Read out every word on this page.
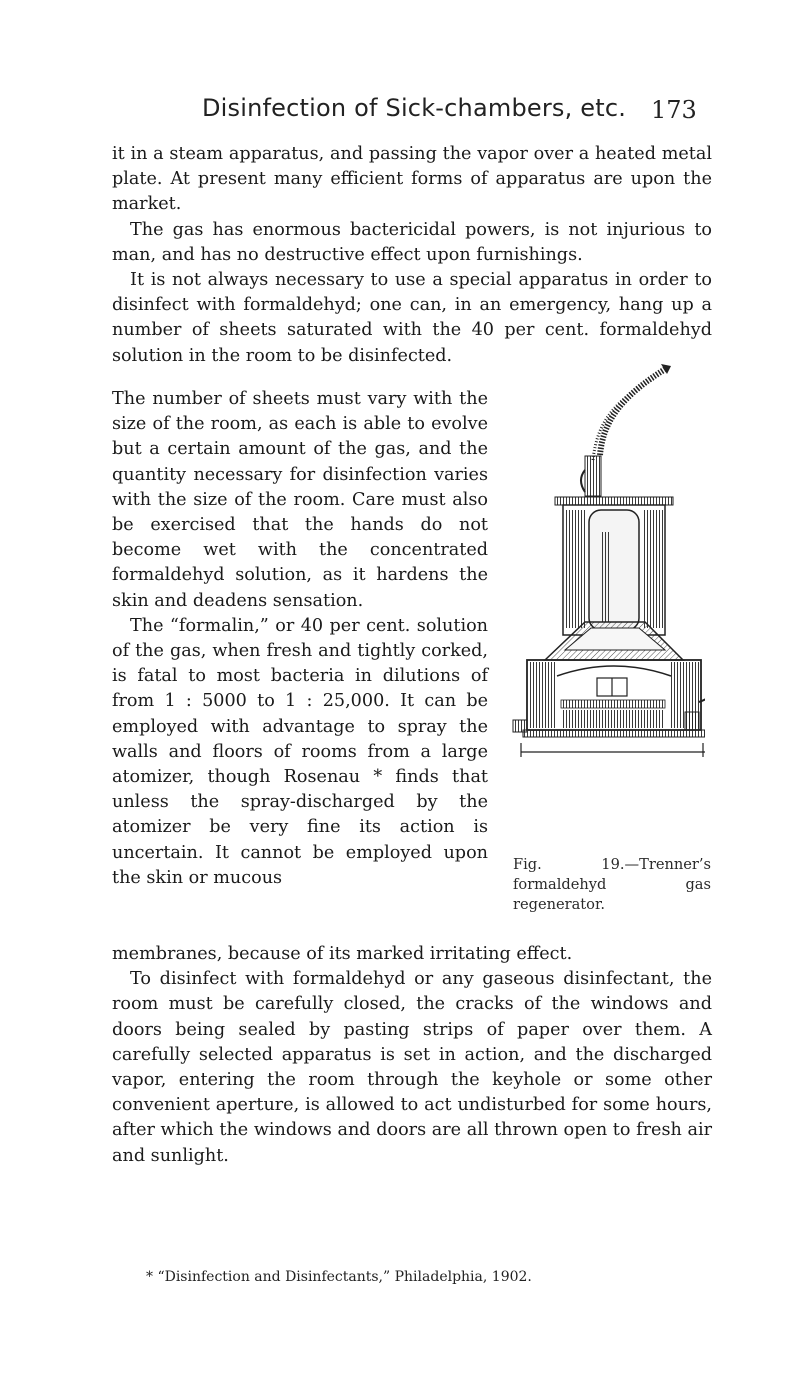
Disinfection of Sick-chambers, etc. 173

it in a steam apparatus, and passing the vapor over a heated metal plate. At present many efficient forms of apparatus are upon the market.

The gas has enormous bactericidal powers, is not injurious to man, and has no destructive effect upon furnishings.

It is not always necessary to use a special apparatus in order to disinfect with formaldehyd; one can, in an emergency, hang up a number of sheets saturated with the 40 per cent. formaldehyd solution in the room to be disinfected.

The number of sheets must vary with the size of the room, as each is able to evolve but a certain amount of the gas, and the quantity necessary for disinfection varies with the size of the room. Care must also be exercised that the hands do not become wet with the concentrated formaldehyd solution, as it hardens the skin and deadens sensation.

The “formalin,” or 40 per cent. solution of the gas, when fresh and tightly corked, is fatal to most bacteria in dilutions of from 1 : 5000 to 1 : 25,000. It can be employed with advantage to spray the walls and floors of rooms from a large atomizer, though Rosenau * finds that unless the spray-discharged by the atomizer be very fine its action is uncertain. It cannot be employed upon the skin or mucous

Fig. 19.—Trenner’s formaldehyd gas regenerator.

membranes, because of its marked irritating effect.

To disinfect with formaldehyd or any gaseous disinfectant, the room must be carefully closed, the cracks of the windows and doors being sealed by pasting strips of paper over them. A carefully selected apparatus is set in action, and the discharged vapor, entering the room through the keyhole or some other convenient aperture, is allowed to act undisturbed for some hours, after which the windows and doors are all thrown open to fresh air and sunlight.

* “Disinfection and Disinfectants,” Philadelphia, 1902.
